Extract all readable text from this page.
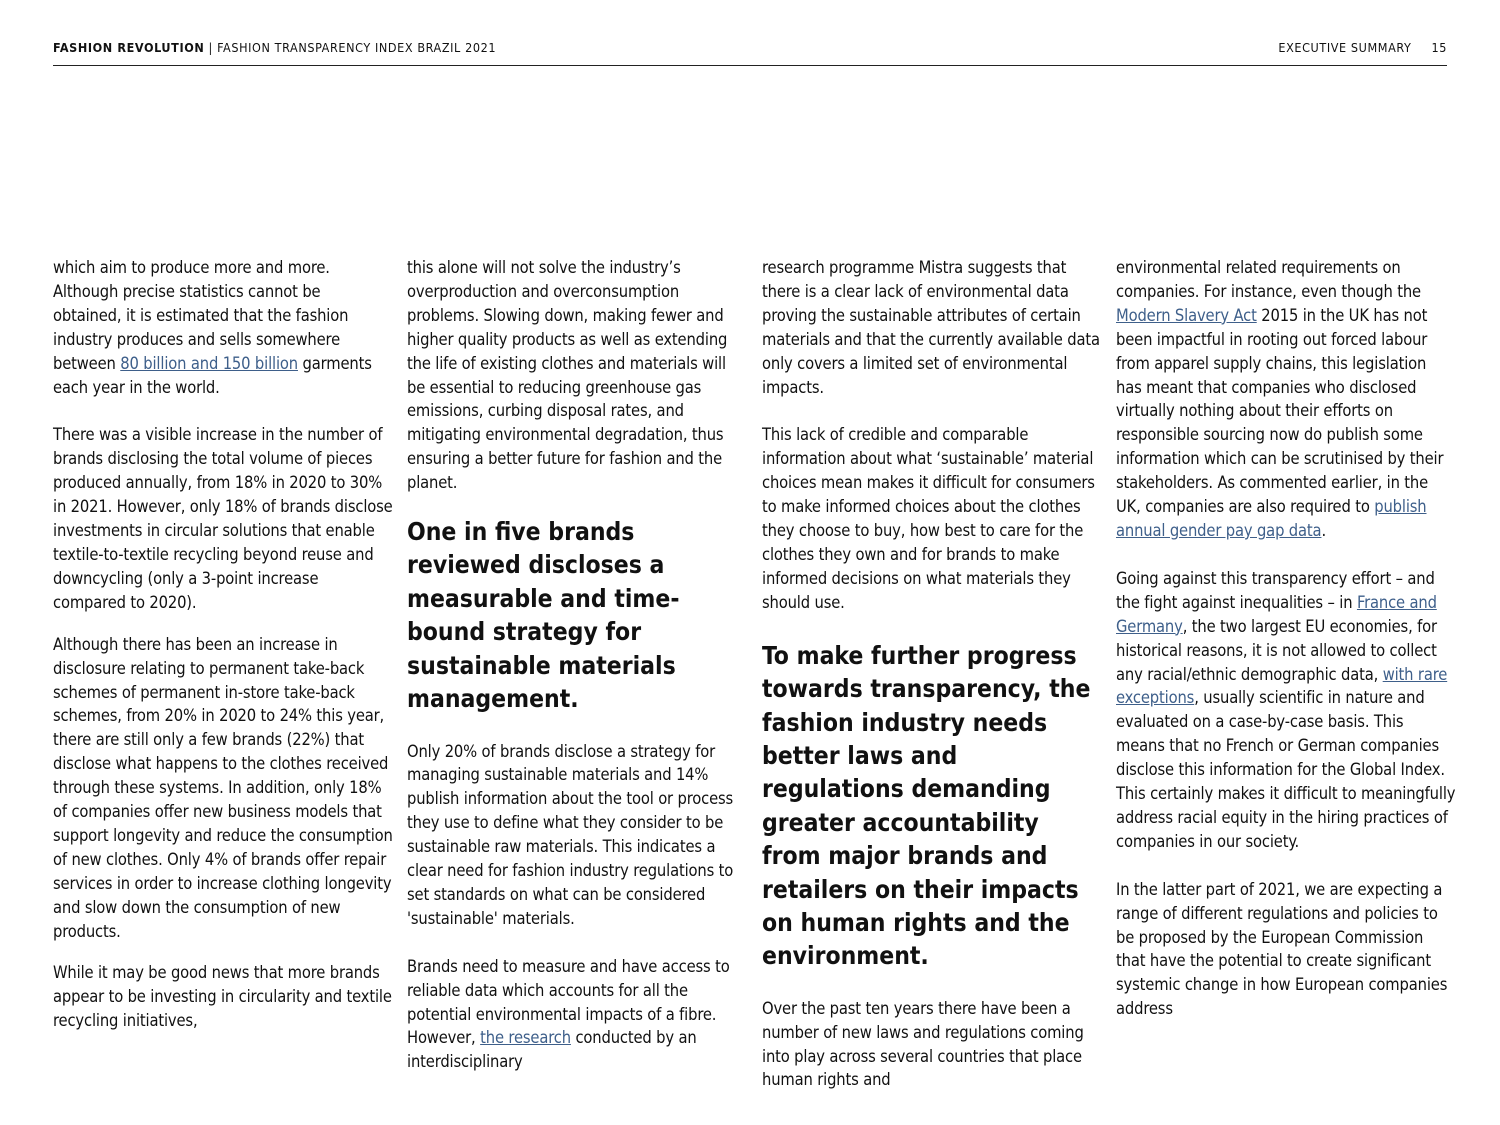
FASHION REVOLUTION | FASHION TRANSPARENCY INDEX BRAZIL 2021	EXECUTIVE SUMMARY 15

which aim to produce more and more. Although precise statistics cannot be obtained, it is estimated that the fashion industry produces and sells somewhere between 80 billion and 150 billion garments each year in the world.

There was a visible increase in the number of brands disclosing the total volume of pieces produced annually, from 18% in 2020 to 30% in 2021. However, only 18% of brands disclose investments in circular solutions that enable textile-to-textile recycling beyond reuse and downcycling (only a 3-point increase compared to 2020).

Although there has been an increase in disclosure relating to permanent take-back schemes of permanent in-store take-back schemes, from 20% in 2020 to 24% this year, there are still only a few brands (22%) that disclose what happens to the clothes received through these systems. In addition, only 18% of companies offer new business models that support longevity and reduce the consumption of new clothes. Only 4% of brands offer repair services in order to increase clothing longevity and slow down the consumption of new products.

While it may be good news that more brands appear to be investing in circularity and textile recycling initiatives,

this alone will not solve the industry’s overproduction and overconsumption problems. Slowing down, making fewer and higher quality products as well as extending the life of existing clothes and materials will be essential to reducing greenhouse gas emissions, curbing disposal rates, and mitigating environmental degradation, thus ensuring a better future for fashion and the planet.

One in five brands reviewed discloses a measurable and time-bound strategy for sustainable materials management.

Only 20% of brands disclose a strategy for managing sustainable materials and 14% publish information about the tool or process they use to define what they consider to be sustainable raw materials. This indicates a clear need for fashion industry regulations to set standards on what can be considered 'sustainable' materials.

Brands need to measure and have access to reliable data which accounts for all the potential environmental impacts of a fibre. However, the research conducted by an interdisciplinary

research programme Mistra suggests that there is a clear lack of environmental data proving the sustainable attributes of certain materials and that the currently available data only covers a limited set of environmental impacts.

This lack of credible and comparable information about what ‘sustainable’ material choices mean makes it difficult for consumers to make informed choices about the clothes they choose to buy, how best to care for the clothes they own and for brands to make informed decisions on what materials they should use.

To make further progress towards transparency, the fashion industry needs better laws and regulations demanding greater accountability from major brands and retailers on their impacts on human rights and the environment.

Over the past ten years there have been a number of new laws and regulations coming into play across several countries that place human rights and

environmental related requirements on companies. For instance, even though the Modern Slavery Act 2015 in the UK has not been impactful in rooting out forced labour from apparel supply chains, this legislation has meant that companies who disclosed virtually nothing about their efforts on responsible sourcing now do publish some information which can be scrutinised by their stakeholders. As commented earlier, in the UK, companies are also required to publish annual gender pay gap data.

Going against this transparency effort – and the fight against inequalities – in France and Germany, the two largest EU economies, for historical reasons, it is not allowed to collect any racial/ethnic demographic data, with rare exceptions, usually scientific in nature and evaluated on a case-by-case basis. This means that no French or German companies disclose this information for the Global Index. This certainly makes it difficult to meaningfully address racial equity in the hiring practices of companies in our society.

In the latter part of 2021, we are expecting a range of different regulations and policies to be proposed by the European Commission that have the potential to create significant systemic change in how European companies address
